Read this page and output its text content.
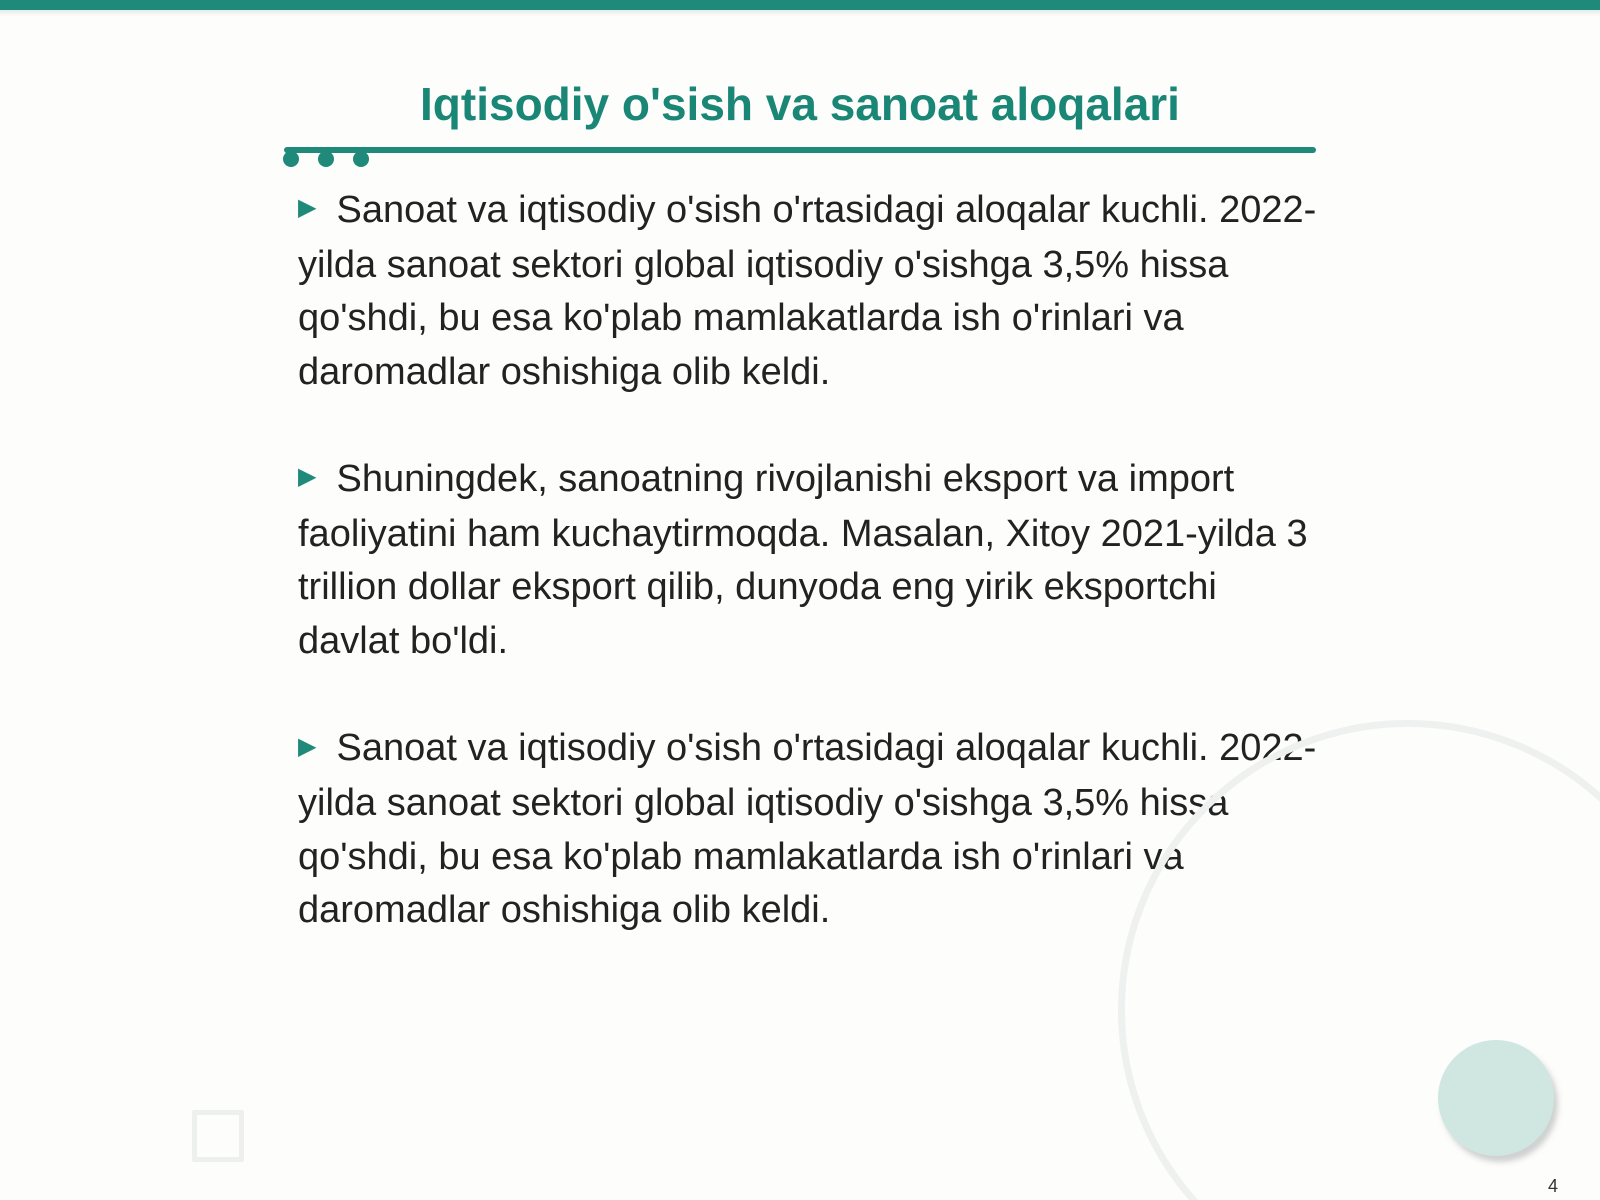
Iqtisodiy o'sish va sanoat aloqalari

▶ Sanoat va iqtisodiy o'sish o'rtasidagi aloqalar kuchli. 2022-yilda sanoat sektori global iqtisodiy o'sishga 3,5% hissa qo'shdi, bu esa ko'plab mamlakatlarda ish o'rinlari va daromadlar oshishiga olib keldi.

▶ Shuningdek, sanoatning rivojlanishi eksport va import faoliyatini ham kuchaytirmoqda. Masalan, Xitoy 2021-yilda 3 trillion dollar eksport qilib, dunyoda eng yirik eksportchi davlat bo'ldi.

▶ Sanoat va iqtisodiy o'sish o'rtasidagi aloqalar kuchli. 2022-yilda sanoat sektori global iqtisodiy o'sishga 3,5% hissa qo'shdi, bu esa ko'plab mamlakatlarda ish o'rinlari va daromadlar oshishiga olib keldi.

4
